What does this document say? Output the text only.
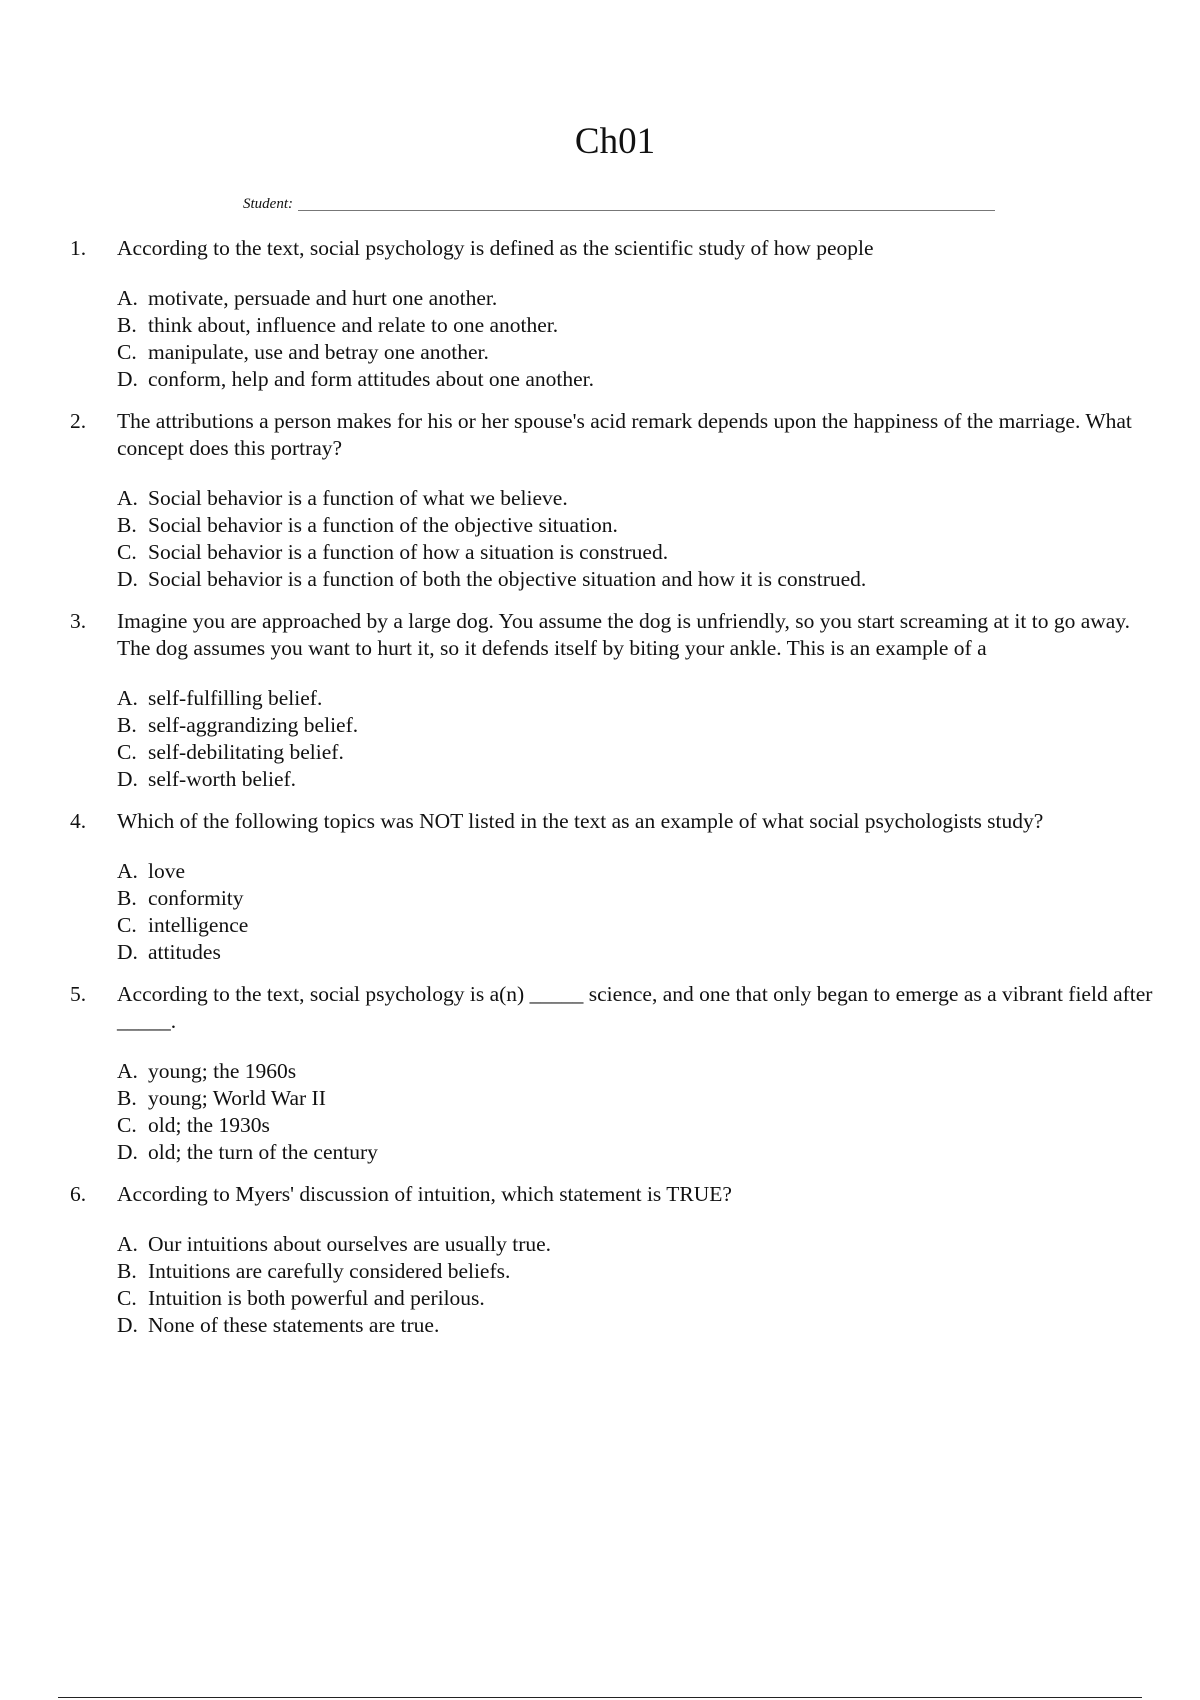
Ch01
Student:
1.	According to the text, social psychology is defined as the scientific study of how people
A. motivate, persuade and hurt one another.
B. think about, influence and relate to one another.
C. manipulate, use and betray one another.
D. conform, help and form attitudes about one another.
2.	The attributions a person makes for his or her spouse's acid remark depends upon the happiness of the marriage. What concept does this portray?
A. Social behavior is a function of what we believe.
B. Social behavior is a function of the objective situation.
C. Social behavior is a function of how a situation is construed.
D. Social behavior is a function of both the objective situation and how it is construed.
3.	Imagine you are approached by a large dog. You assume the dog is unfriendly, so you start screaming at it to go away. The dog assumes you want to hurt it, so it defends itself by biting your ankle. This is an example of a
A. self-fulfilling belief.
B. self-aggrandizing belief.
C. self-debilitating belief.
D. self-worth belief.
4.	Which of the following topics was NOT listed in the text as an example of what social psychologists study?
A. love
B. conformity
C. intelligence
D. attitudes
5.	According to the text, social psychology is a(n) _____ science, and one that only began to emerge as a vibrant field after _____.
A. young; the 1960s
B. young; World War II
C. old; the 1930s
D. old; the turn of the century
6.	According to Myers' discussion of intuition, which statement is TRUE?
A. Our intuitions about ourselves are usually true.
B. Intuitions are carefully considered beliefs.
C. Intuition is both powerful and perilous.
D. None of these statements are true.
